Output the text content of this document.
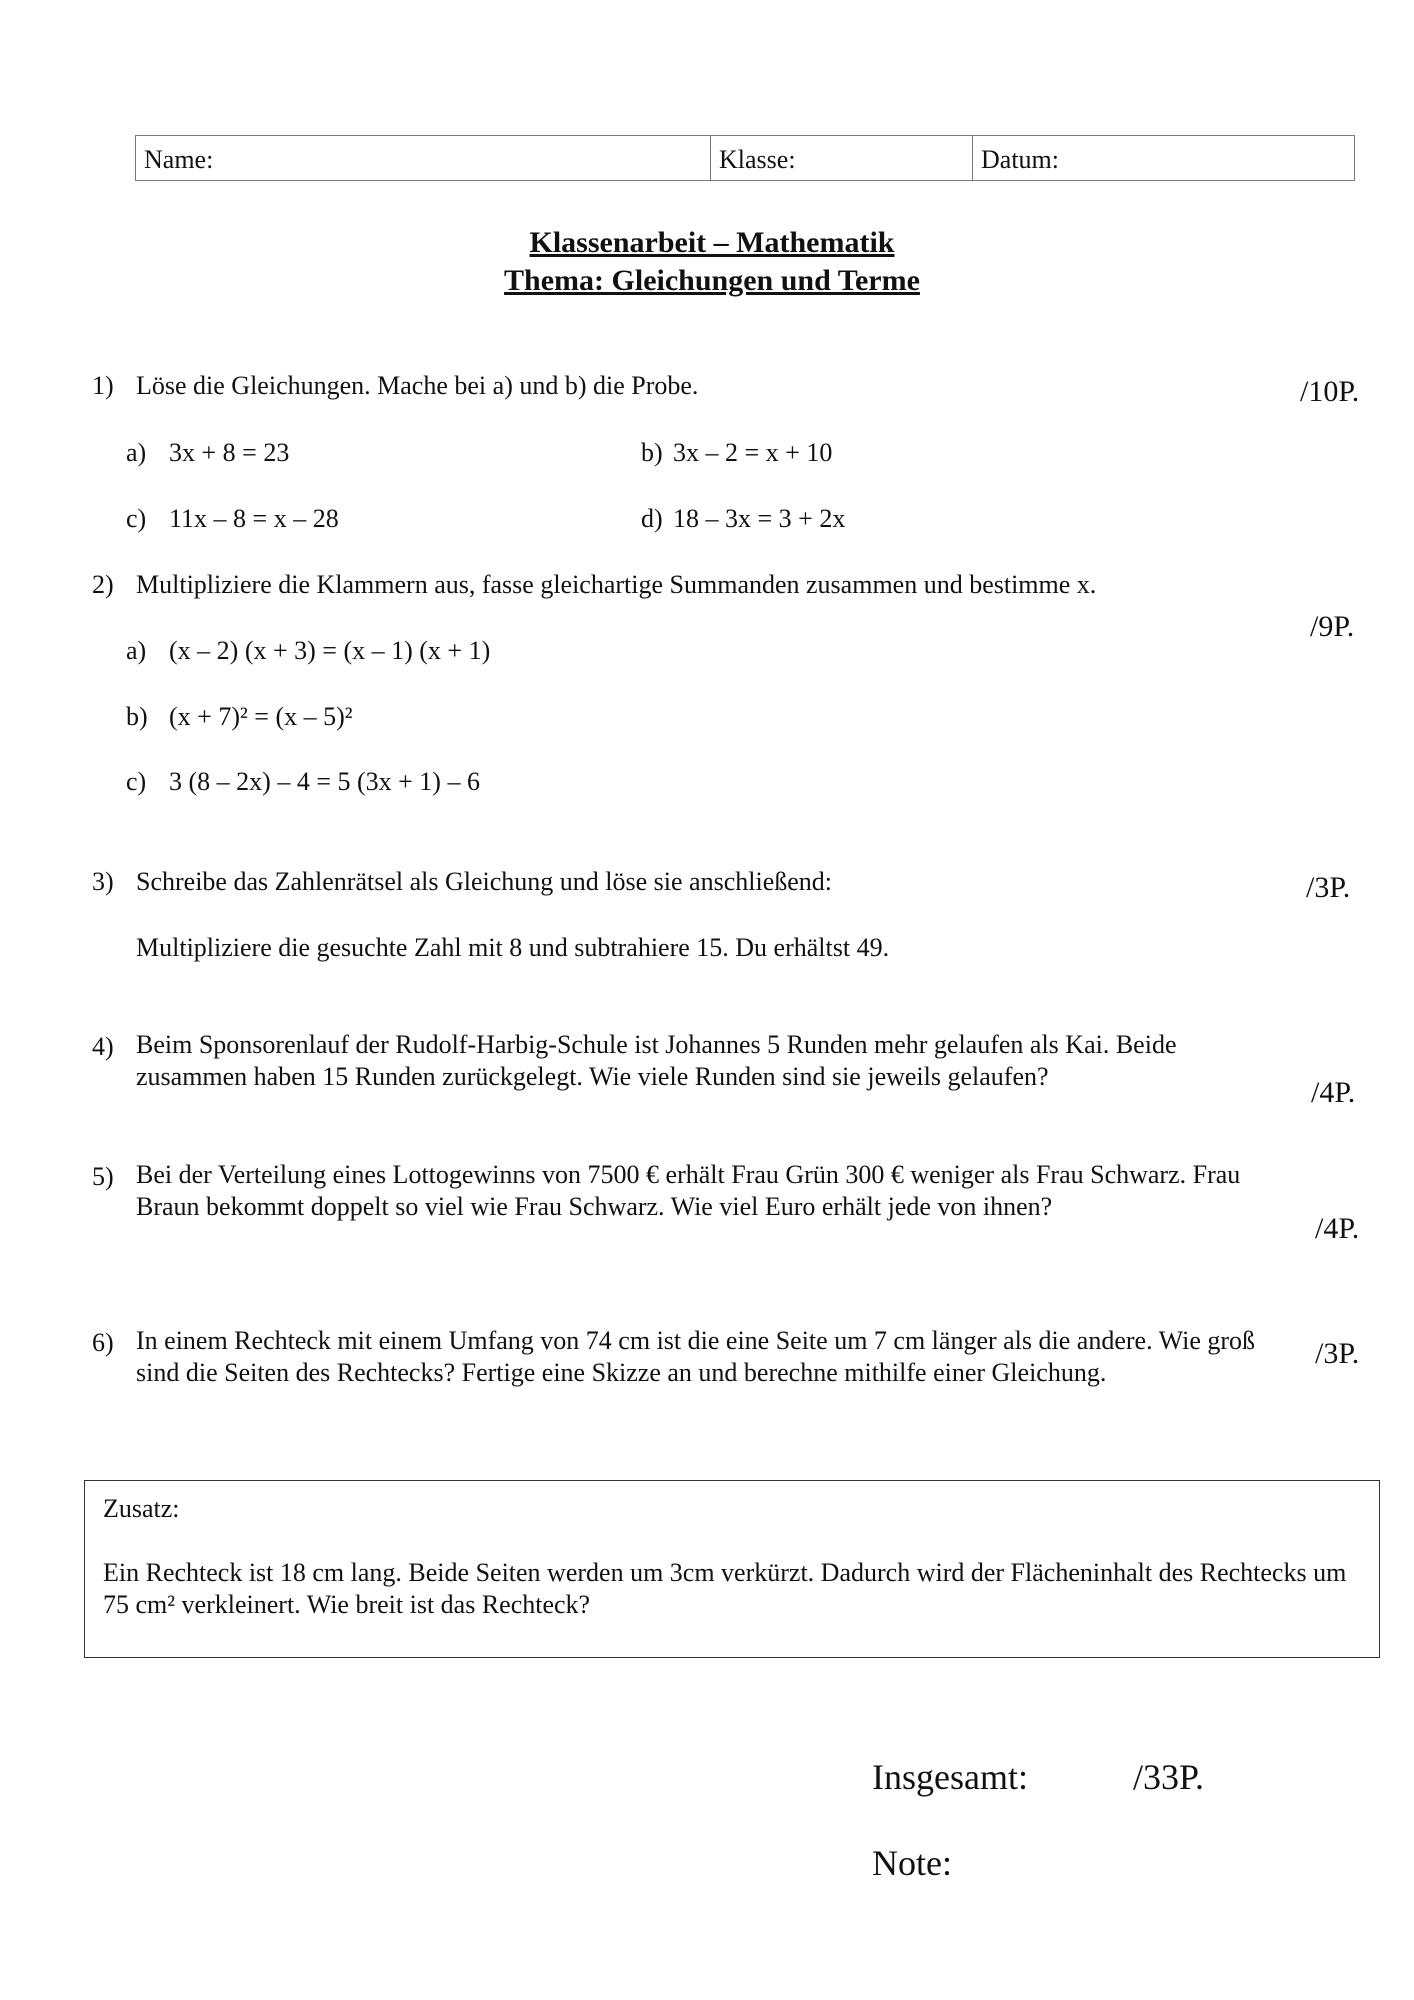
Name:	Klasse:	Datum:
Klassenarbeit – Mathematik
Thema: Gleichungen und Terme
1) Löse die Gleichungen. Mache bei a) und b) die Probe.	/10P.
a) 3x + 8 = 23	b) 3x – 2 = x + 10
c) 11x – 8 = x – 28	d) 18 – 3x = 3 + 2x
2) Multipliziere die Klammern aus, fasse gleichartige Summanden zusammen und bestimme x.
/9P.
a) (x – 2) (x + 3) = (x – 1) (x + 1)
b) (x + 7)² = (x – 5)²
c) 3 (8 – 2x) – 4 = 5 (3x + 1) – 6
3) Schreibe das Zahlenrätsel als Gleichung und löse sie anschließend:	/3P.
Multipliziere die gesuchte Zahl mit 8 und subtrahiere 15. Du erhältst 49.
4) Beim Sponsorenlauf der Rudolf-Harbig-Schule ist Johannes 5 Runden mehr gelaufen als Kai. Beide zusammen haben 15 Runden zurückgelegt. Wie viele Runden sind sie jeweils gelaufen?	/4P.
5) Bei der Verteilung eines Lottogewinns von 7500 € erhält Frau Grün 300 € weniger als Frau Schwarz. Frau Braun bekommt doppelt so viel wie Frau Schwarz. Wie viel Euro erhält jede von ihnen?
/4P.
6) In einem Rechteck mit einem Umfang von 74 cm ist die eine Seite um 7 cm länger als die andere. Wie groß sind die Seiten des Rechtecks? Fertige eine Skizze an und berechne mithilfe einer Gleichung.
/3P.
Zusatz:
Ein Rechteck ist 18 cm lang. Beide Seiten werden um 3cm verkürzt. Dadurch wird der Flächeninhalt des Rechtecks um 75 cm² verkleinert. Wie breit ist das Rechteck?
Insgesamt:	/33P.
Note:
